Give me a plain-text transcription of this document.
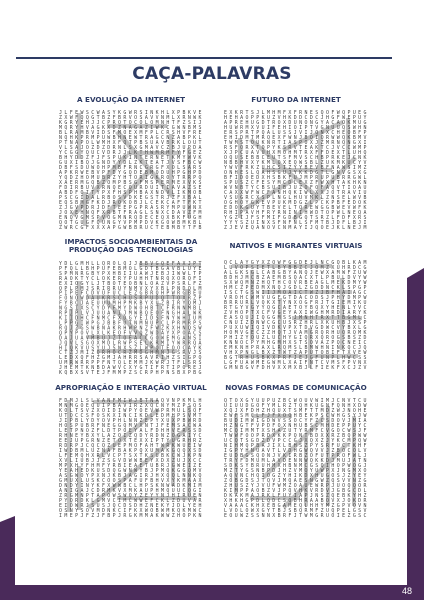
CAÇA-PALAVRAS
A EVOLUÇÃO DA INTERNET
J L F E W S C W A S Y K G W R S I N K H L X P B K V E
Z X W F Q Q G T B Z F B R V O S A V V N M L X R N W K
K G R Y E H J J C P R O T O C O L O M N H T F Z S I J
M Q R Y H V A G K X D Z N A G A Z I W K C G W N B M S
B L R A M B V I D S F M O E X M F P L C R S H V F R E
N Q H K P R M P U W B H N E W T R A G C N Z A B P K L
P T N A P O L W M H X F Q T P B S U A V B R K L O U T
V L S A J O Z D Z D R N L S X G M A V C Z B J U P D A
Y C G G Y Q U C V D R J J L K T H W M R M F Y F G E Z
B H Y D D Z F J F S P U K I N T E R N E T K M Y W V K
G U X I B Q J G N D Y Y D L Z K T E A T J V S F B C W
D B F S D U W O H P M B F R N C G R G F X O L S A R S
A P K R W E B V P F D Y G Q D E B M Q D U H P G H P D
Y Q D Z H O M U B R Z Y H T O R I G K R O Y T R R P Q
X A E R M G Q B Z O M P B S G F M S P E R M E X V K S
F D I R B U V X R N Q E C Q U R D U I T I A V A Z S E
A B D F Q I T Y P X F H S P H B A X N D V L I K M O B
P S C G I D A L R B O S V D K E G S T R J Z F X B A L
E Q S B M G F K D J R Q K O B J L C E K C A F T F K T
Z J G V P D R J D F T E E P G P R A S R Y M P U W N X
J O X E H N Q F X R B T F R A G L S N X C D A V Z F M
E N Q V G M S P V O G M N R Q D E C E Q X B K F U G H
Q O T G U G F Q U N G Y V P M P D V K G O W B M K B L
Z W R C G F X X X A P G W B B R U C T E B M B Y T F B
FUTURO DA INTERNET
E X K R T S J L M H M F X F R N E S Q O F W Q P U E G
H E H A O P P K U Z V H K D D C D C J H G F W E P U Y
A P R E H U G D T R O X D U N O N G Y A C A O K M U G
H U W R M X V U I F E H I O I P T V G N U U Q S W H N
E R S P R T P Q A L U S S J V I J Q N X C H E O B F P
E H I D M T M R Q E X F W N J B Q I Q R W W Q K B M V
T W M S T O U K N R T I A S P O X J Z M R N Q N G X I
R S F Q R X T Q P Y K S R V T E A K T C J V C C W M P
X J P C U A V U H X M O H M T R X F F D E X T L U H Q
O Q U S E B B C E U T S F M V S C H B P R K E J C N K
N B B H V X Y K M L O X E Q W S B L Z U K M K U C Y V
Y W V F R K Z U H C S I Z Y Y B E V B F N A W S I M Z
O N H E S L Q A H S G U J Y K K D G T L G N V G S X G
B F I D O E D X H S B K F U J M P R U P U B R R G W L
S P U S Z C F E S Y M C D L E X Z F W X H T A K H K N
W V N B T Y C B S U I B J U Z O F Q F A Q V T I O A U
C A X X W F W C F A N H Q K I W L X X J O T R A V I U
V S U G R C X S P L N G L H U V M K L Z N S E L W V B
O G H O Y G K E V P U K M D G Z L P C K P B F E D O K
E D O K G U Y T B E V E L T Q R E W G G B W E V W F K
R H I P A V H F R Y R N I N I H W D T O P W L N E Q A
Y G Z I J F S F M I F G D B G Q T S R Z L F D F X R S
Y Y Y S Z U I N X S F N F N L S F M T B J D F L B J I
Z J E V E Q A N O V C N M A Y I J Q O E J K L N E J M
IMPACTOS SOCIOAMBIENTAIS DA PRODUÇÃO DAS TECNOLOGIAS
Y D L G M H L L Q R O L Q J J B B V G Q E F A X J P T
P F Q L L B H P U F E B M O L G D T B G A V B L U Y E
S P M N R G B Y P X H B I I U A W J E B J I W W L T P
R A O K T Y C L O K E R Y P U H H T N R Q X O R Q F I
E X I O G Y L J T B O T E O B N L O A Z V P S R L F Z
O P L P M J S R I R R U Y N M V X Y X B L P N D Q L M
P I P E F C D V U F U C L E Z G B R Q H P W R G B E U
F O N O W D A U K R S C H U S R P U D Q T T O X R Z P
F Y B C J A E U U U M H P M K B Y X U Z B I R Y Q M J
N G S I X S C Y D Y F M Y D W O H B T C F R N N M B L
R P J P L V J U U A N I J M W B Q E O F N G H A L W K
K I I D H C F N M C F X D G Y E I D S F N Y W H I U M
L P P G I W P G J B B F U T N M N U P C L P R M R P S
R Q J Z G S W B N A K R H W P N Z F W Z K X H N Q S W
Q P Y P O V L X L K E O F V V Q Z W D A Y X P O A C S
D A J U A V M B U J Z T O E A C C G O W E M G A N S I
J Q V L S G O X M D L R W P S E L K R M I Y W R R Q A
H I Q K V U S Y U J S N X S Z L W P Q T E O O C A Y K
C T Z J M I Z Q R H O C R Z M D G H M N J G S R V J S
L E D X Q F H Z G M J A H R R S A V R I H Z S I G P Q
U M R W R R P P F N T Q L E M M J K W R J T F L S R S
J H E M T K N B D A W V C X Y G T I F R T I P O R E J
K Q B X S V T E J F M M P Z S C R P H P N S B X P B G
NATIVOS E MIGRANTES VIRTUAIS
Q C L A Y G Y X Z O W F G G D E J L N C G Q B L K A M
L U V O P S I E T L B Y B B Z C J O M Z X U H R D C G
A L G K S G L C A B G B Y A N Q J E W X A M W F Z U W
B D H J M C B Z A E M B S Q A C X T L P B U L D V Y W
S X W Q M N Z H Q T H C O V R B E A G L M E K D M Y W
H M C Z P E D M X N Q J G D L Z G D D N C K L S P G P
I S C T G S W I I J M O A I C T W Z J B F H A I A G C
V R O H C W M V U G F G T D A C O D S J P H Y D M P W
B R R U R L V Q K X T Y N X O G F R J T G I E M I K U
R T G Y V G Y Y Q G C A E T O Y B Q X Y H E N L Y V C
Z V H O P T X C F V G E Y A X I W G H M R D I A R Y K
E A S Q U J I Q G G M S S J M N H T R X T T B G M L C
C N U I Z D N W C G C U S R Z H R L X K U H B J X S P
P U X U W I Q I V D K V P X T D V G D W C V Y B X L G
H O M V G E C Z Z H Q T J V A M G R Q R H U Q R Q M K
P H I Z Y O U Z L U C H Y G I Q R X Q R O G S B S Z D
K N N O C P Y M H G M H X S T S O V A Z P Q C N E I C
E M K N H P R A X L R Q M S L B M W H N I N K Q C J Q
V H X P N G L B X Z T W T Z A P U T O B I F T X V E W
B G T R H U S B K X P R F J E J G F U N P L H W C S S
L G F U A W M E G W M L X A I F N T C V M S F P V N X
G M N B G V F D H V X X M X B J L F I E K F X C J Z V
APROPRIAÇÃO E INTERAÇÃO VIRTUAL
F D M J L S L V A N F M I W J B T N A Q V N P K M L H
M N M G O E Q U I P B A V I R Z X Q C N Y M Z P S Q S
K O L T S V Z X O I D I W P Y O E V W P R M U L S Q F
U T Q C C S F O S K X I N C I K D L E D M H P S V M T
J I P B L Y D Y O V P H L N N Z E P Y X U X P B W R D
H O S P U B R F N E G G Q M V X N T J F E M S A C W A
L E T P N O Z F L D T P O E Y A L F D H H V E R S S D
R H N E Y B X Y L A Z Q I Z Q D Y R D N Z O G A I Y C
E E J U P G R N Z E T O X T E X X I P T Y U G R H R Z
R D R P J C Q C Q Z U E P M O F A H T W R K W U E I W
I W D B M L U Z N A F B A K P Q X U M A K G Q Q X S D
L F E M Q H X R L V C P T S X T K S U B K C W J K P N
X V L I U B J J Z S G V D W W B E Y X D X Z U J X C C
M P X H Y F H M F Y R B I E A E T U B R J G W E I Z E
Y E A H E D K U S D Q G W N W Y B J P M Q K G G Q M V
A S G W O Y P X N J K B J A G I R J H X Q Q L N N K Q
G M U X L U S K C O O S P A F U F B H V X Y K M A A X
D N D Y I N Y K F X W W B C L H P S K N W A D K M I M
A N I G A J C D R M K V X M K A U P H M Q U U C Q G I
Z R G M N P T A P O W S W Q Y Z E Y Y N J H I R U E N
P Y Q R D K L G M V C I M C W W E F C K L Z D U V A R
E I O W R J S U S J Q C D S D H Z N E K Y J D L Y E H
O S N Y S O V M D N K C I F K X W O B W M K Q K M W C
I M E P J F Z J F B P J R G K M M A K W W Z H O P K N
NOVAS FORMAS DE COMUNICAÇÃO
Q T O X G Y U U P U Z B C W O U V W I M J C N V T C U
U I U U D G O F Y M L R Z T Q H K U G N F Q N H X D W
X Q J X F D H Z H Q U X T S M F T T M D Z W J N O H E
E W F S M C L F J F X O Q H B E K P S C W H G S Y J W
B U D I M W I G D W V S S O C Y F Z C S D O V J M I A
H Z N G T F V P D F O X N H U B S C M H D E P P U Y C
M C Q I M M T X S H A Z U T Y R M F C V G O C W S J F
T W W F O O P R D X K K P Q N T B D X X R Z B Q P W W
U C Q T S G D Z D V P C C G J X Q X Z J Y K C M P Q W
N I H M Q P B A J I X L B H S Z P Y S R F U C T K H F
I G P Y H N U A V T L V D H G W Q V V J Z B O C O L V
E U D B G S Q O N J V K I R B Z O F U T P R O F W L J
T R Y F D M U M L A V D E N N W Q K K D J M U J A T N
S D K S Y B R U H M X H B N M C G S Q I H O P W O G J
M Z T Y G S N B P D J H Z V M Q Y U W P X J N G M X O
A Q V N C H Q I O G Z Y H I K D X H U G O S J Z Y E Y
Z O B G D S J T Q V J M Q A E S N G W Z Q S V V N Z G
Z H U S Z Y J V U F W M Z O A U E W R P J U O Q Q O R
K I M P P A O B Z V J P Q V H K V R D V J G B G C D L
D K A K M A J R K L F U Y I A P J N S Z Q E B K Y H Z
X H K H G P D L Q D C S Q B H R A A B O V X J O K D R
V A A A C K H X E B G A M E Q L H H Y M Z G P V Q V N
L V O L O W X G Y T B J S B Q R M F Z U Q P E L G S V
E O U W Z S S N N X B R F J T W M G R U O I E Z G S C
48
